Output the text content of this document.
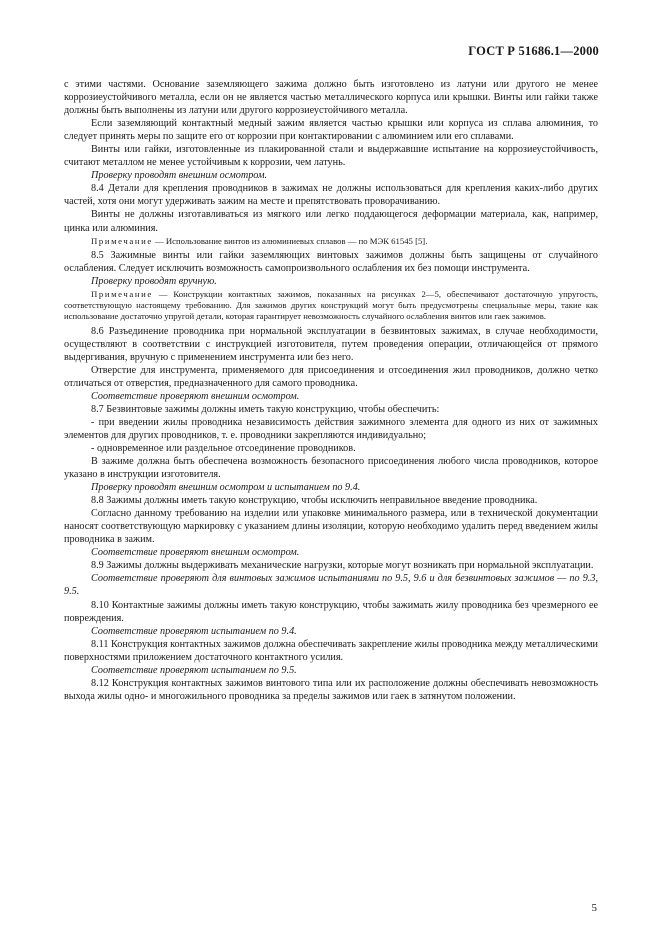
ГОСТ Р 51686.1—2000

с этими частями. Основание заземляющего зажима должно быть изготовлено из латуни или другого не менее коррозиеустойчивого металла, если он не является частью металлического корпуса или крышки. Винты или гайки также должны быть выполнены из латуни или другого коррозиеустойчивого металла.

Если заземляющий контактный медный зажим является частью крышки или корпуса из сплава алюминия, то следует принять меры по защите его от коррозии при контактировании с алюминием или его сплавами.

Винты или гайки, изготовленные из плакированной стали и выдержавшие испытание на коррозиеустойчивость, считают металлом не менее устойчивым к коррозии, чем латунь.

Проверку проводят внешним осмотром.

8.4 Детали для крепления проводников в зажимах не должны использоваться для крепления каких-либо других частей, хотя они могут удерживать зажим на месте и препятствовать проворачиванию.

Винты не должны изготавливаться из мягкого или легко поддающегося деформации материала, как, например, цинка или алюминия.

Примечание — Использование винтов из алюминиевых сплавов — по МЭК 61545 [5].

8.5 Зажимные винты или гайки заземляющих винтовых зажимов должны быть защищены от случайного ослабления. Следует исключить возможность самопроизвольного ослабления их без помощи инструмента.

Проверку проводят вручную.

Примечание — Конструкции контактных зажимов, показанных на рисунках 2—5, обеспечивают достаточную упругость, соответствующую настоящему требованию. Для зажимов других конструкций могут быть предусмотрены специальные меры, такие как использование достаточно упругой детали, которая гарантирует невозможность случайного ослабления винтов или гаек зажимов.

8.6 Разъединение проводника при нормальной эксплуатации в безвинтовых зажимах, в случае необходимости, осуществляют в соответствии с инструкцией изготовителя, путем проведения операции, отличающейся от прямого выдергивания, вручную с применением инструмента или без него.

Отверстие для инструмента, применяемого для присоединения и отсоединения жил проводников, должно четко отличаться от отверстия, предназначенного для самого проводника.

Соответствие проверяют внешним осмотром.

8.7 Безвинтовые зажимы должны иметь такую конструкцию, чтобы обеспечить:

- при введении жилы проводника независимость действия зажимного элемента для одного из них от зажимных элементов для других проводников, т. е. проводники закрепляются индивидуально;

- одновременное или раздельное отсоединение проводников.

В зажиме должна быть обеспечена возможность безопасного присоединения любого числа проводников, которое указано в инструкции изготовителя.

Проверку проводят внешним осмотром и испытанием по 9.4.

8.8 Зажимы должны иметь такую конструкцию, чтобы исключить неправильное введение проводника.

Согласно данному требованию на изделии или упаковке минимального размера, или в технической документации наносят соответствующую маркировку с указанием длины изоляции, которую необходимо удалить перед введением жилы проводника в зажим.

Соответствие проверяют внешним осмотром.

8.9 Зажимы должны выдерживать механические нагрузки, которые могут возникать при нормальной эксплуатации.

Соответствие проверяют для винтовых зажимов испытаниями по 9.5, 9.6 и для безвинтовых зажимов — по 9.3, 9.5.

8.10 Контактные зажимы должны иметь такую конструкцию, чтобы зажимать жилу проводника без чрезмерного ее повреждения.

Соответствие проверяют испытанием по 9.4.

8.11 Конструкция контактных зажимов должна обеспечивать закрепление жилы проводника между металлическими поверхностями приложением достаточного контактного усилия.

Соответствие проверяют испытанием по 9.5.

8.12 Конструкция контактных зажимов винтового типа или их расположение должны обеспечивать невозможность выхода жилы одно- и многожильного проводника за пределы зажимов или гаек в затянутом положении.

5
